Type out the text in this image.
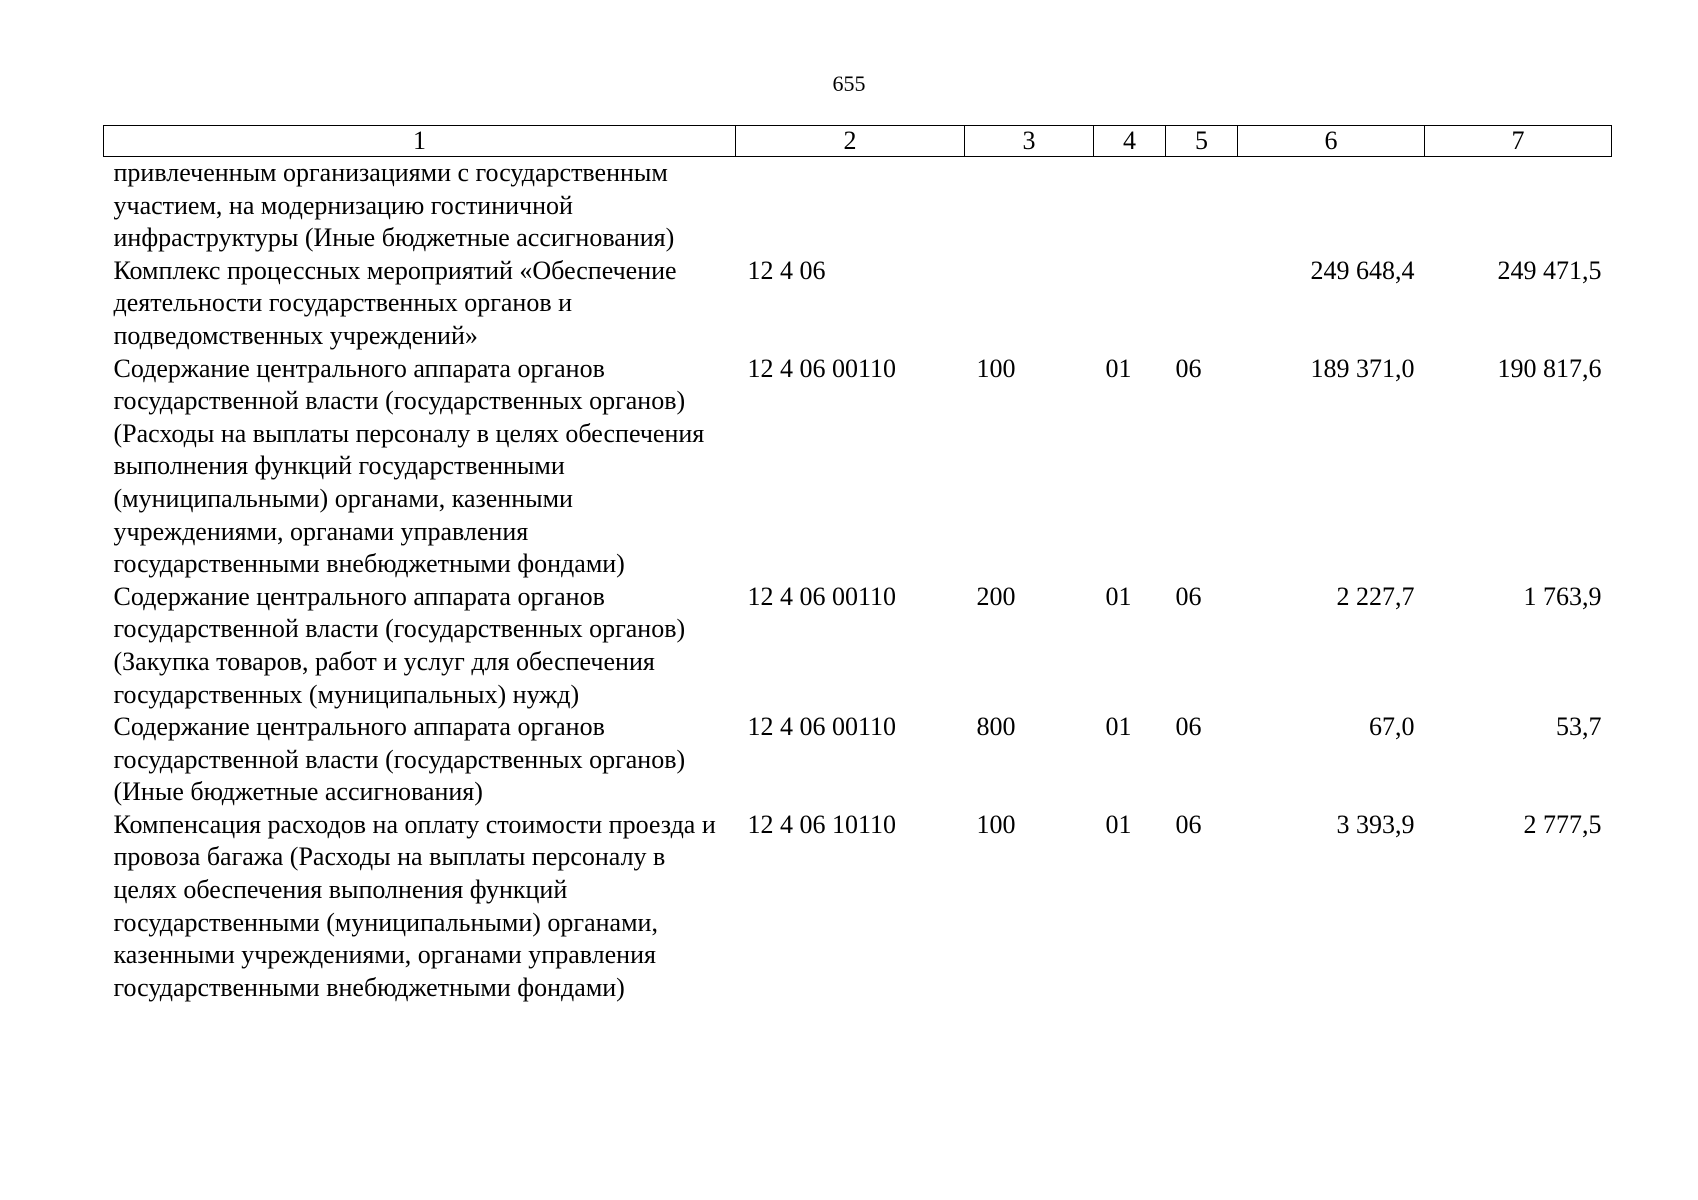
655
1	2	3	4	5	6	7
привлеченным организациями с государственным участием, на модернизацию гостиничной инфраструктуры (Иные бюджетные ассигнования)						
Комплекс процессных мероприятий «Обеспечение деятельности государственных органов и подведомственных учреждений»	12 4 06				249 648,4	249 471,5
Содержание центрального аппарата органов государственной власти (государственных органов) (Расходы на выплаты персоналу в целях обеспечения выполнения функций государственными (муниципальными) органами, казенными учреждениями, органами управления государственными внебюджетными фондами)	12 4 06 00110	100	01	06	189 371,0	190 817,6
Содержание центрального аппарата органов государственной власти (государственных органов) (Закупка товаров, работ и услуг для обеспечения государственных (муниципальных) нужд)	12 4 06 00110	200	01	06	2 227,7	1 763,9
Содержание центрального аппарата органов государственной власти (государственных органов) (Иные бюджетные ассигнования)	12 4 06 00110	800	01	06	67,0	53,7
Компенсация расходов на оплату стоимости проезда и провоза багажа (Расходы на выплаты персоналу в целях обеспечения выполнения функций государственными (муниципальными) органами, казенными учреждениями, органами управления государственными внебюджетными фондами)	12 4 06 10110	100	01	06	3 393,9	2 777,5
